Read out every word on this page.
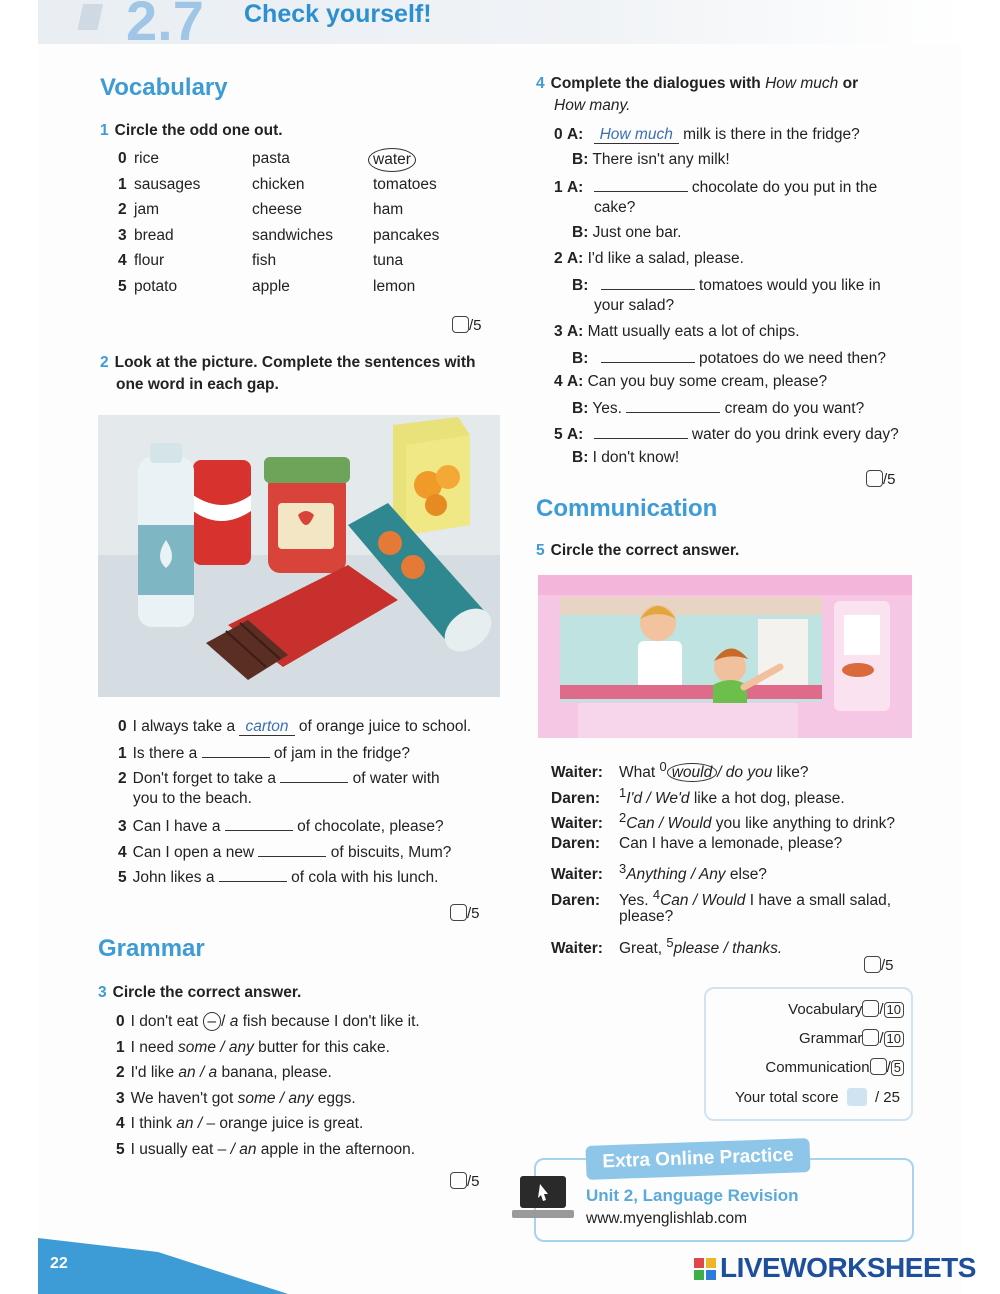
2.7 Check yourself!
Vocabulary
1 Circle the odd one out.
0 rice	pasta	water
1 sausages	chicken	tomatoes
2 jam	cheese	ham
3 bread	sandwiches	pancakes
4 flour	fish	tuna
5 potato	apple	lemon
/5
2 Look at the picture. Complete the sentences with
one word in each gap.
0 I always take a carton of orange juice to school.
1 Is there a	of jam in the fridge?
2 Don't forget to take a	of water with
you to the beach.
3 Can I have a	of chocolate, please?
4 Can I open a new	of biscuits, Mum?
5 John likes a	of cola with his lunch.
/5
Grammar
3 Circle the correct answer.
0 I don't eat – / a fish because I don't like it.
1 I need some / any butter for this cake.
2 I'd like an / a banana, please.
3 We haven't got some / any eggs.
4 I think an / – orange juice is great.
5 I usually eat – / an apple in the afternoon.
/5
4 Complete the dialogues with How much or
How many.
0 A: How much milk is there in the fridge?
B: There isn't any milk!
1 A:	chocolate do you put in the
cake?
B: Just one bar.
2 A: I'd like a salad, please.
B:	tomatoes would you like in
your salad?
3 A: Matt usually eats a lot of chips.
B:	potatoes do we need then?
4 A: Can you buy some cream, please?
B: Yes.	cream do you want?
5 A:	water do you drink every day?
B: I don't know!
/5
Communication
5 Circle the correct answer.
Waiter: What $^0$ would / do you like?
Daren: $^1$I'd / We'd like a hot dog, please.
Waiter: $^2$Can / Would you like anything to drink?
Daren: Can I have a lemonade, please?
Waiter: $^3$Anything / Any else?
Daren: Yes. $^4$Can / Would I have a small salad,
please?
Waiter: Great, $^5$please / thanks.
/5
Vocabulary / 10
Grammar / 10
Communication / 5
Your total score / 25
Extra Online Practice
Unit 2, Language Revision
www.myenglishlab.com
22	LIVEWORKSHEETS
